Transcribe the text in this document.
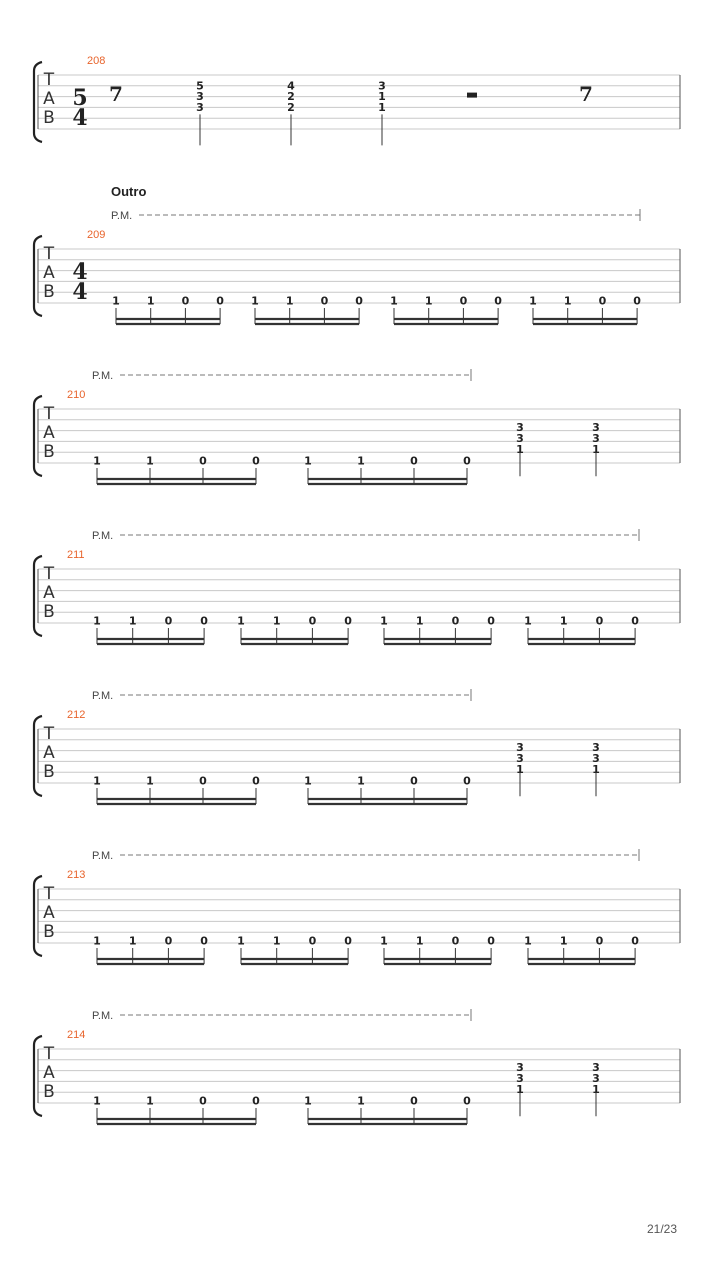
T
A
B
208
5
4
7	5
3
3
4
2
2
3
1
1
7
T
A
B
209
4
4
Outro
P.M.
1 1 0 0 1 1 0 0 1 1 0 0 1 1 0 0
T
A
B
210
P.M.
1	1	0	0	1	1	0	0
3
3
1
3
3
1
T
A
B
211
P.M.
1	1	0	0	1	1	0	0	1	1	0	0	1	1	0	0
T
A
B
212
P.M.
1	1	0	0	1	1	0	0
3
3
1
3
3
1
T
A
B
213
P.M.
1	1	0	0	1	1	0	0	1	1	0	0	1	1	0	0
T
A
B
214
P.M.
1	1	0	0	1	1	0	0
3
3
1
3
3
1
21/23
